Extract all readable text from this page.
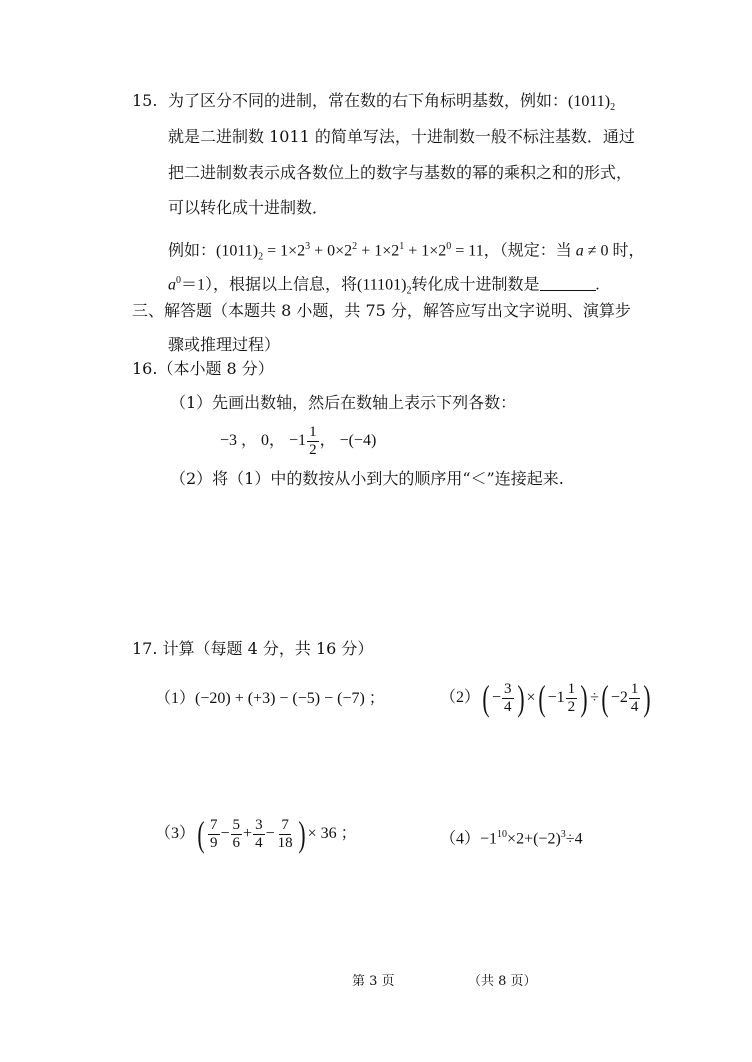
15. 为了区分不同的进制，常在数的右下角标明基数，例如：$(1011)_2$
就是二进制数 1011 的简单写法，十进制数一般不标注基数．通过
把二进制数表示成各数位上的数字与基数的幂的乘积之和的形式，
可以转化成十进制数．
例如：$(1011)_2 = 1\times 2^3 + 0\times 2^2 + 1\times 2^1 + 1\times 2^0 = 11$，（规定：当 a ≠ 0 时，
$a^0=1$），根据以上信息，将$(11101)_2$转化成十进制数是	.
三、解答题（本题共 8 小题，共 75 分，解答应写出文字说明、演算步
骤或推理过程）
16.（本小题 8 分）
（1）先画出数轴，然后在数轴上表示下列各数：
−3 ， 0， $-1 \frac{1}{2}$ ， −(−4)
（2）将（1）中的数按从小到大的顺序用“＜”连接起来.
17. 计算（每题 4 分，共 16 分）
（1）(−20) + (+3) − (−5) − (−7) ；	（2） ( − $\frac{3}{4}$ ) × ( $-1 \frac{1}{2}$ ) ÷ ( $-2 \frac{1}{4}$ )
（3） ( $\frac{7}{9} - \frac{5}{6} + \frac{3}{4} - \frac{7}{18}$ ) × 36 ；	$(4)-1^{10}\times 2+(-2)^3\div 4$
第 3 页	（共 8 页）
